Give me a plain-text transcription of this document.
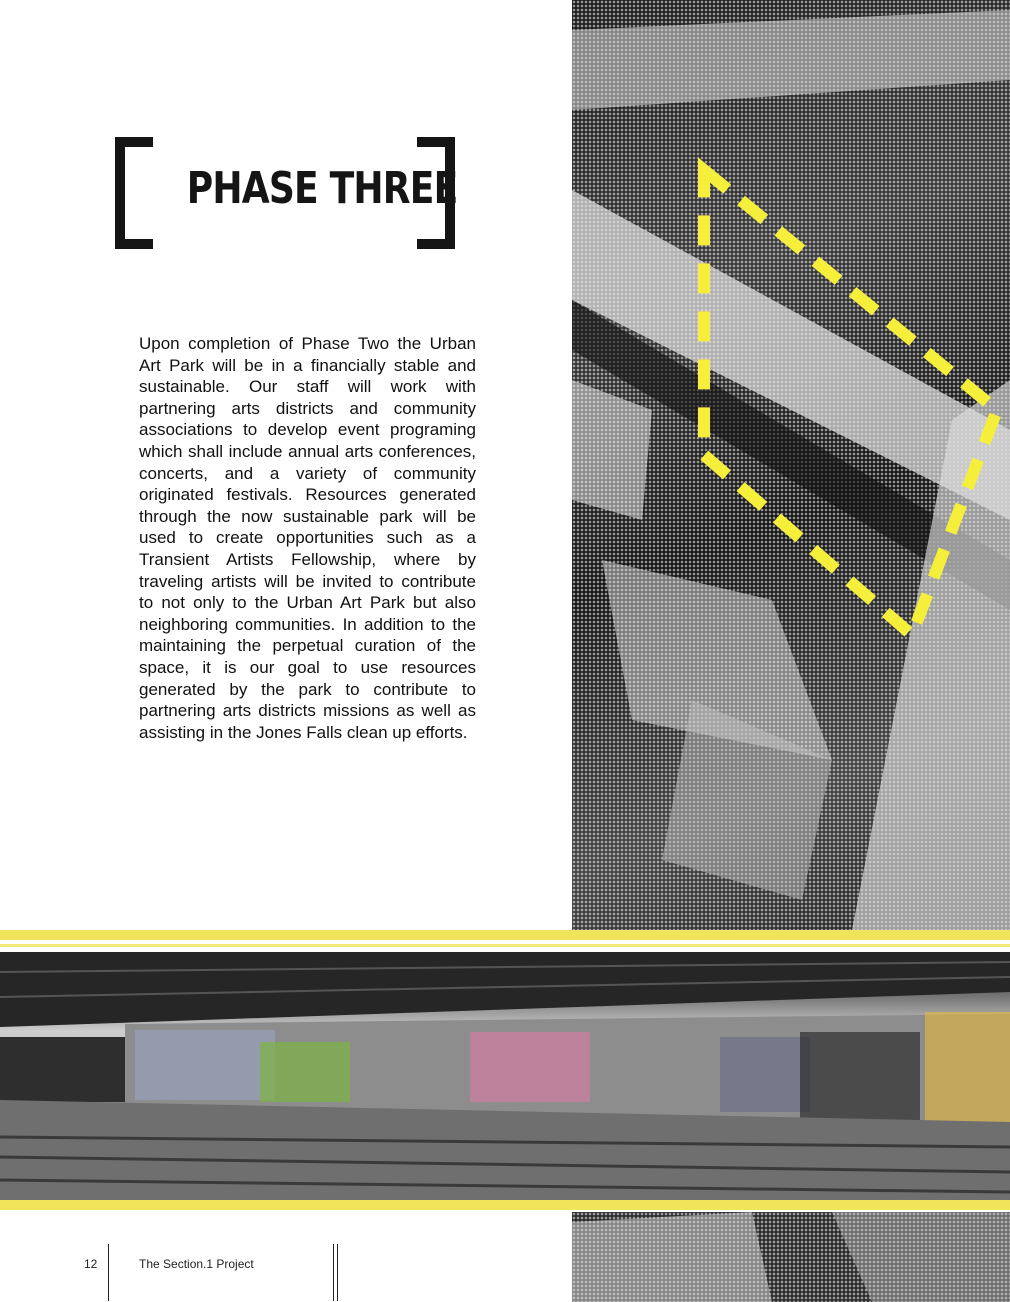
PHASE THREE

Upon completion of Phase Two the Urban Art Park will be in a financially stable and sustainable. Our staff will work with partnering arts districts and community associations to develop event programing which shall include annual arts conferences, concerts, and a variety of community originated festivals. Resources generated through the now sustainable park will be used to create opportunities such as a Transient Artists Fellowship, where by traveling artists will be invited to contribute to not only to the Urban Art Park but also neighboring communities. In addition to the maintaining the perpetual curation of the space, it is our goal to use resources generated by the park to contribute to partnering arts districts missions as well as assisting in the Jones Falls clean up efforts.

12	The Section.1 Project
